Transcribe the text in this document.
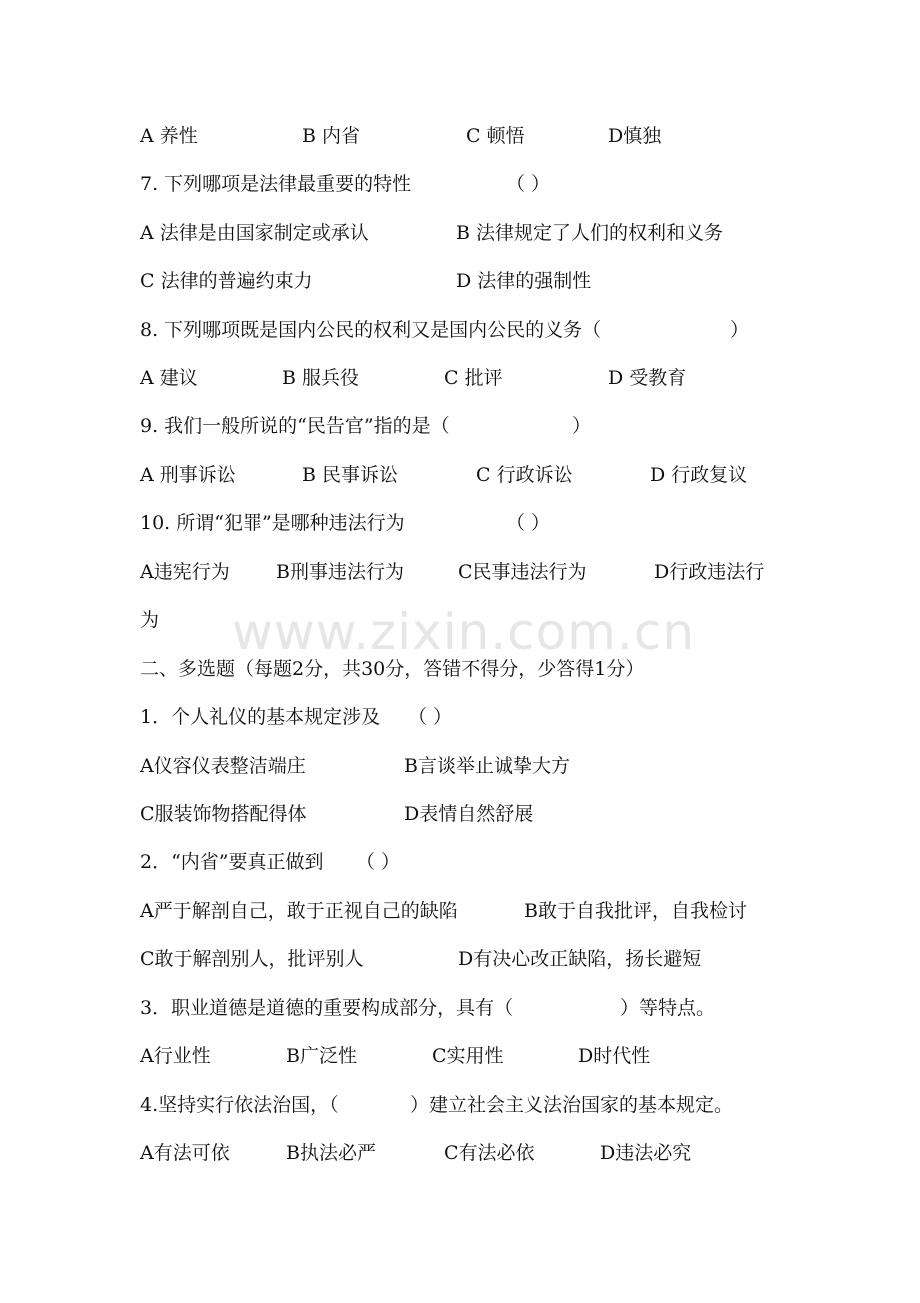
www.zixin.com.cn
A 养性	B 内省	C 顿悟	D慎独
7. 下列哪项是法律最重要的特性	（ ）
A 法律是由国家制定或承认	B 法律规定了人们的权利和义务
C 法律的普遍约束力	D 法律的强制性
8. 下列哪项既是国内公民的权利又是国内公民的义务（	）
A 建议	B 服兵役	C 批评	D 受教育
9. 我们一般所说的“民告官”指的是（	）
A 刑事诉讼	B 民事诉讼	C 行政诉讼	D 行政复议
10. 所谓“犯罪”是哪种违法行为	（ ）
A违宪行为 B刑事违法行为	C民事违法行为	D行政违法行
为
二、多选题（每题2分，共30分，答错不得分，少答得1分）
1．个人礼仪的基本规定涉及 （ ）
A仪容仪表整洁端庄	B言谈举止诚挚大方
C服装饰物搭配得体	D表情自然舒展
2．“内省”要真正做到 （ ）
A严于解剖自己，敢于正视自己的缺陷	B敢于自我批评，自我检讨
C敢于解剖别人，批评别人	D有决心改正缺陷，扬长避短
3．职业道德是道德的重要构成部分，具有（	）等特点。
A行业性	B广泛性	C实用性	D时代性
4.坚持实行依法治国，（	）建立社会主义法治国家的基本规定。
A有法可依	B执法必严	C有法必依	D违法必究
